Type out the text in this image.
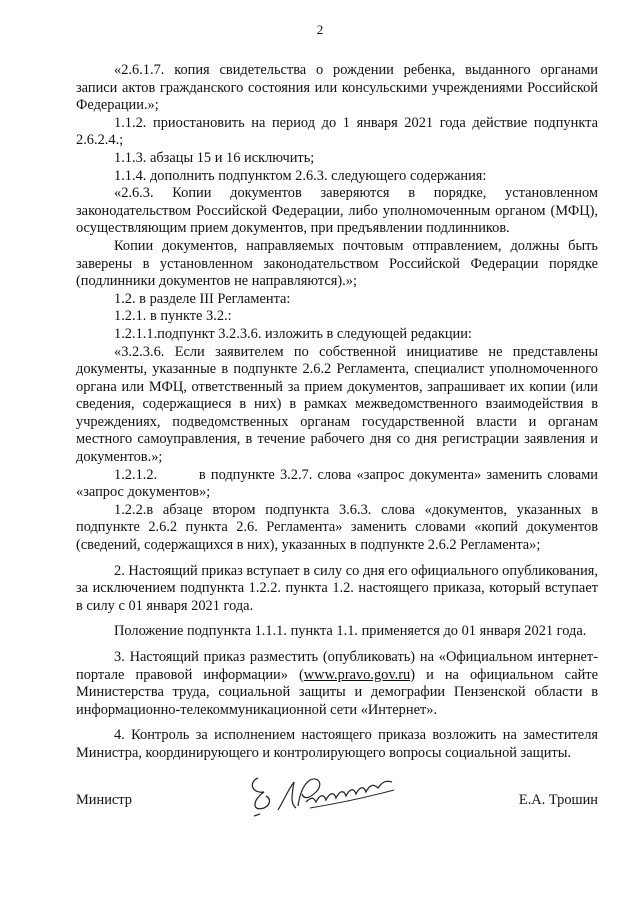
2

«2.6.1.7. копия свидетельства о рождении ребенка, выданного органами записи актов гражданского состояния или консульскими учреждениями Российской Федерации.»;

1.1.2. приостановить на период до 1 января 2021 года действие подпункта 2.6.2.4.;

1.1.3. абзацы 15 и 16 исключить;

1.1.4. дополнить подпунктом 2.6.3. следующего содержания:

«2.6.3. Копии документов заверяются в порядке, установленном законодательством Российской Федерации, либо уполномоченным органом (МФЦ), осуществляющим прием документов, при предъявлении подлинников.

Копии документов, направляемых почтовым отправлением, должны быть заверены в установленном законодательством Российской Федерации порядке (подлинники документов не направляются).»;

1.2. в разделе III Регламента:

1.2.1. в пункте 3.2.:

1.2.1.1.подпункт 3.2.3.6. изложить в следующей редакции:

«3.2.3.6. Если заявителем по собственной инициативе не представлены документы, указанные в подпункте 2.6.2 Регламента, специалист уполномоченного органа или МФЦ, ответственный за прием документов, запрашивает их копии (или сведения, содержащиеся в них) в рамках межведомственного взаимодействия в учреждениях, подведомственных органам государственной власти и органам местного самоуправления, в течение рабочего дня со дня регистрации заявления и документов.»;

1.2.1.2.        в подпункте 3.2.7. слова «запрос документа» заменить словами «запрос документов»;

1.2.2.в абзаце втором подпункта 3.6.3. слова «документов, указанных в подпункте 2.6.2 пункта 2.6. Регламента» заменить словами «копий документов (сведений, содержащихся в них), указанных в подпункте 2.6.2 Регламента»;

2. Настоящий приказ вступает в силу со дня его официального опубликования, за исключением подпункта 1.2.2. пункта 1.2. настоящего приказа, который вступает в силу с 01 января 2021 года.

Положение подпункта 1.1.1. пункта 1.1. применяется до 01 января 2021 года.

3. Настоящий приказ разместить (опубликовать) на «Официальном интернет-портале правовой информации» (www.pravo.gov.ru) и на официальном сайте Министерства труда, социальной защиты и демографии Пензенской области в информационно-телекоммуникационной сети «Интернет».

4. Контроль за исполнением настоящего приказа возложить на заместителя Министра, координирующего и контролирующего вопросы социальной защиты.

Министр	Е.А. Трошин
